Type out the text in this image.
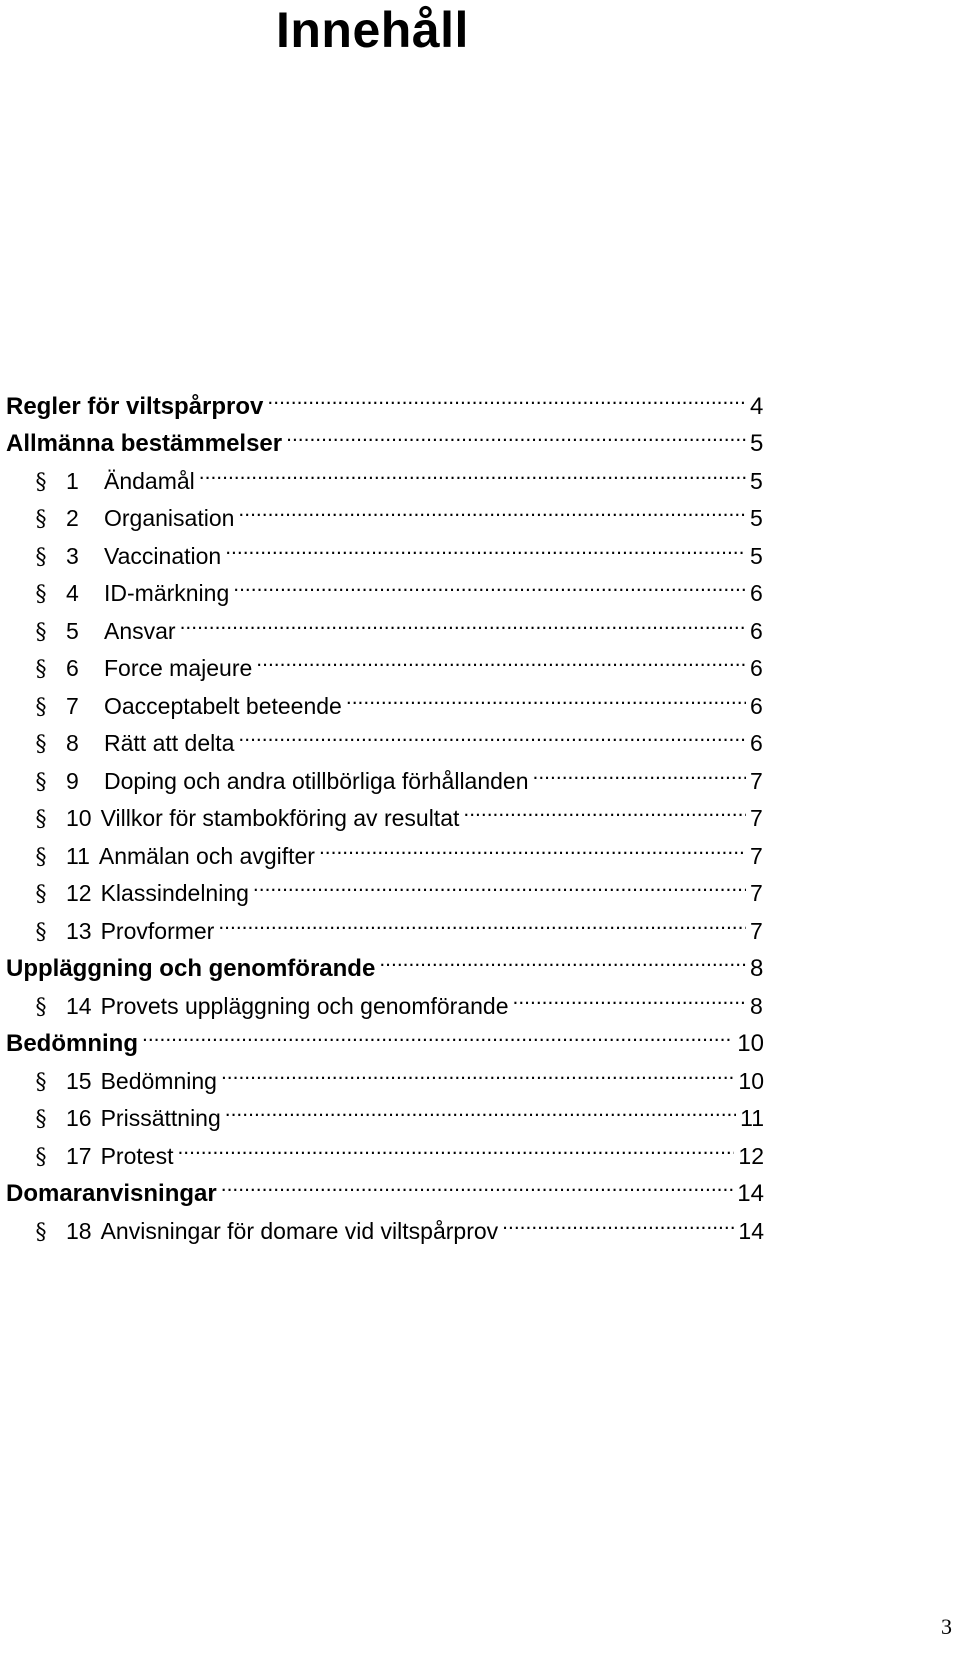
Innehåll
Regler för viltspårprov .....	4
Allmänna bestämmelser .....	5
§ 1	Ändamål .....	5
§ 2	Organisation .....	5
§ 3	Vaccination .....	5
§ 4	ID-märkning .....	6
§ 5	Ansvar .....	6
§ 6	Force majeure .....	6
§ 7	Oacceptabelt beteende .....	6
§ 8	Rätt att delta .....	6
§ 9	Doping och andra otillbörliga förhållanden .....	7
§ 10 Villkor för stambokföring av resultat .....	7
§ 11 Anmälan och avgifter .....	7
§ 12 Klassindelning .....	7
§ 13 Provformer .....	7
Uppläggning och genomförande .....	8
§ 14 Provets uppläggning och genomförande .....	8
Bedömning .....	10
§ 15 Bedömning .....	10
§ 16 Prissättning .....	11
§ 17 Protest .....	12
Domaranvisningar .....	14
§ 18 Anvisningar för domare vid viltspårprov .....	14
3
